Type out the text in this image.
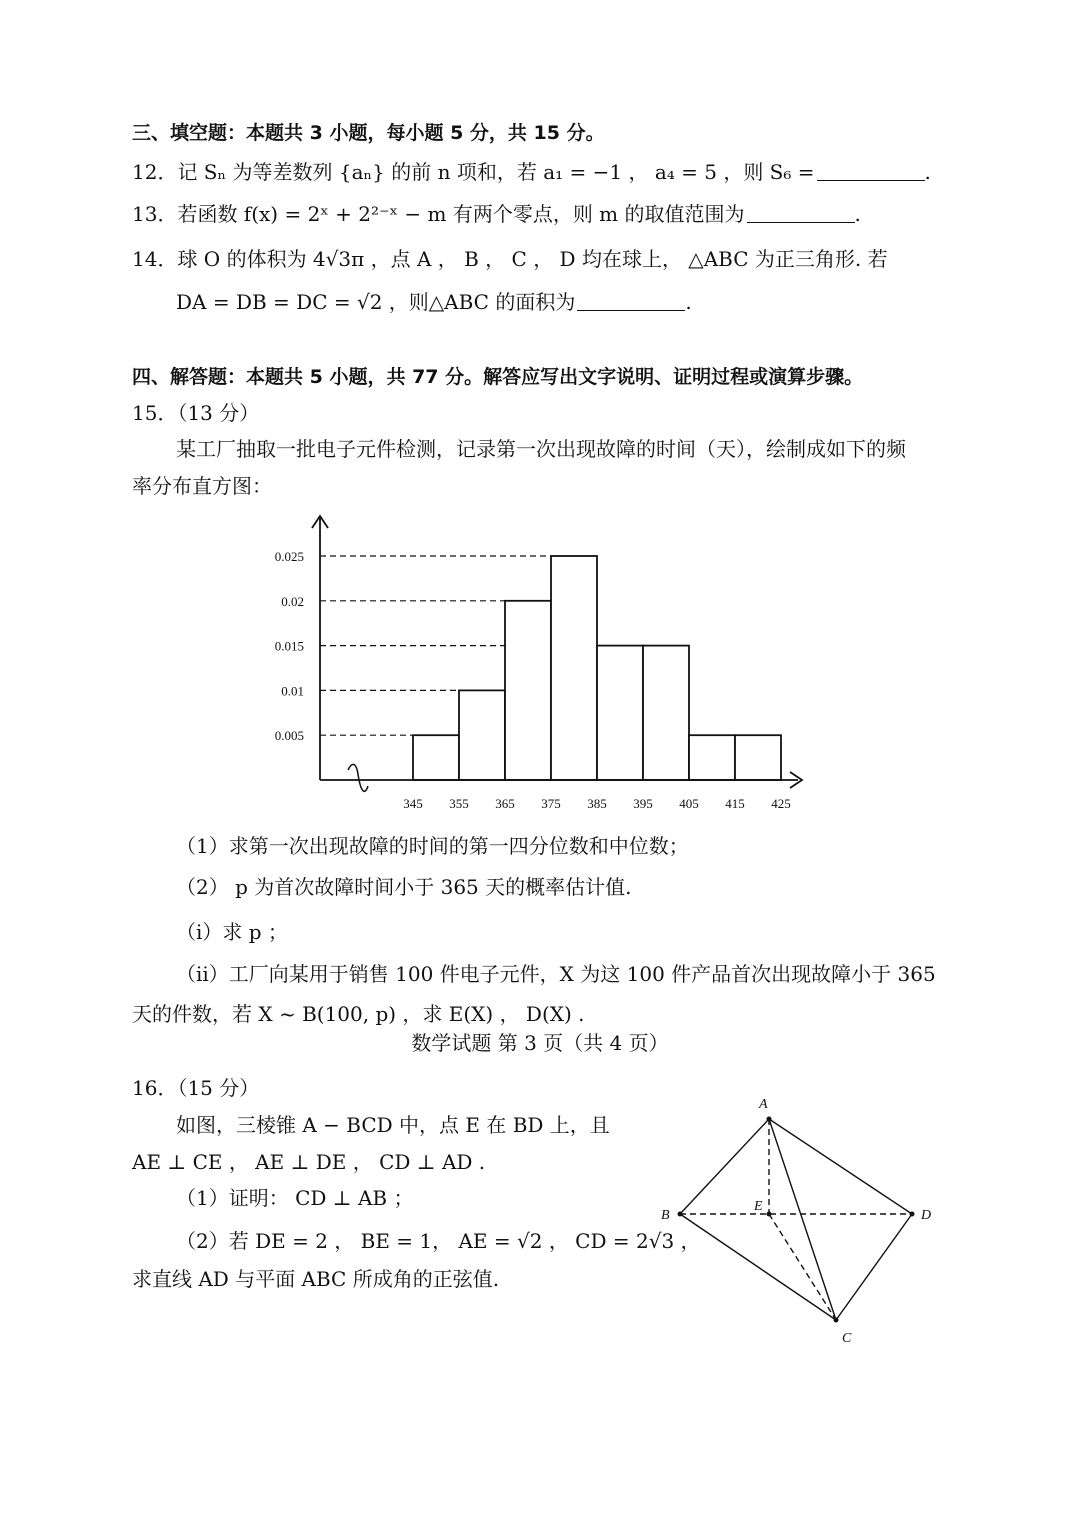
三、填空题：本题共 3 小题，每小题 5 分，共 15 分。
12．记 Sₙ 为等差数列 {aₙ} 的前 n 项和，若 a₁ = −1 ， a₄ = 5 ，则 S₆ =	.
13．若函数 f(x) = 2ˣ + 2²⁻ˣ − m 有两个零点，则 m 的取值范围为	.
14．球 O 的体积为 4√3π ，点 A ， B ， C ， D 均在球上， △ABC 为正三角形. 若
DA = DB = DC = √2 ，则△ABC 的面积为	.
四、解答题：本题共 5 小题，共 77 分。解答应写出文字说明、证明过程或演算步骤。
15．（13 分）
某工厂抽取一批电子元件检测，记录第一次出现故障的时间（天），绘制成如下的频
率分布直方图：
0.025
0.02
0.015
0.01
0.005
345 355 365 375 385 395 405 415 425
（1）求第一次出现故障的时间的第一四分位数和中位数；
（2） p 为首次故障时间小于 365 天的概率估计值.
（i）求 p ；
（ii）工厂向某用于销售 100 件电子元件，X 为这 100 件产品首次出现故障小于 365
天的件数，若 X ~ B(100, p) ，求 E(X) ， D(X) .
16．（15 分）
如图，三棱锥 A − BCD 中，点 E 在 BD 上，且
AE ⊥ CE ， AE ⊥ DE ， CD ⊥ AD .
（1）证明： CD ⊥ AB ；
（2）若 DE = 2 ， BE = 1， AE = √2 ， CD = 2√3 ，
求直线 AD 与平面 ABC 所成角的正弦值.
A
B
C
D
E
数学试题 第 3 页（共 4 页）
